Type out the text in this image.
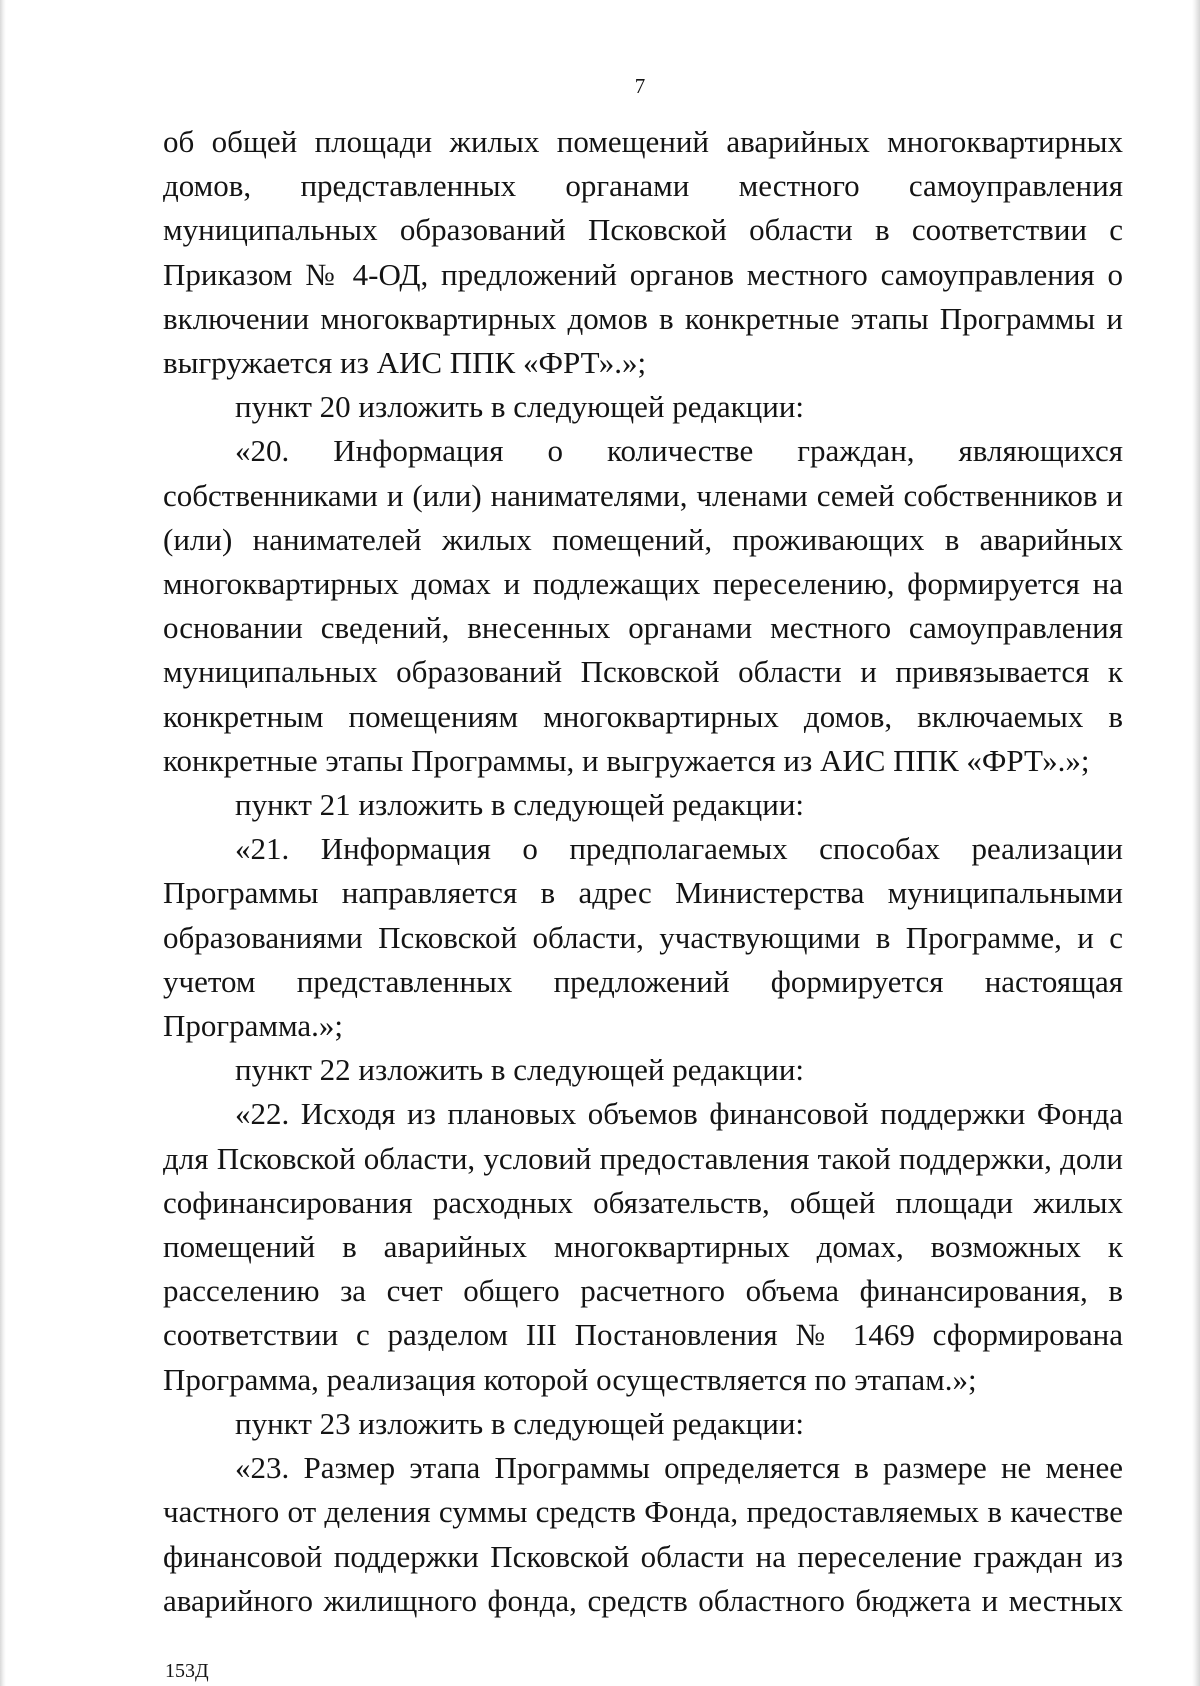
7

об общей площади жилых помещений аварийных многоквартирных домов, представленных органами местного самоуправления муниципальных образований Псковской области в соответствии с Приказом № 4-ОД, предложений органов местного самоуправления о включении многоквартирных домов в конкретные этапы Программы и выгружается из АИС ППК «ФРТ».»;

пункт 20 изложить в следующей редакции:

«20. Информация о количестве граждан, являющихся собственниками и (или) нанимателями, членами семей собственников и (или) нанимателей жилых помещений, проживающих в аварийных многоквартирных домах и подлежащих переселению, формируется на основании сведений, внесенных органами местного самоуправления муниципальных образований Псковской области и привязывается к конкретным помещениям многоквартирных домов, включаемых в конкретные этапы Программы, и выгружается из АИС ППК «ФРТ».»;

пункт 21 изложить в следующей редакции:

«21. Информация о предполагаемых способах реализации Программы направляется в адрес Министерства муниципальными образованиями Псковской области, участвующими в Программе, и с учетом представленных предложений формируется настоящая Программа.»;

пункт 22 изложить в следующей редакции:

«22. Исходя из плановых объемов финансовой поддержки Фонда для Псковской области, условий предоставления такой поддержки, доли софинансирования расходных обязательств, общей площади жилых помещений в аварийных многоквартирных домах, возможных к расселению за счет общего расчетного объема финансирования, в соответствии с разделом III Постановления № 1469 сформирована Программа, реализация которой осуществляется по этапам.»;

пункт 23 изложить в следующей редакции:

«23. Размер этапа Программы определяется в размере не менее частного от деления суммы средств Фонда, предоставляемых в качестве финансовой поддержки Псковской области на переселение граждан из аварийного жилищного фонда, средств областного бюджета и местных

153Д
